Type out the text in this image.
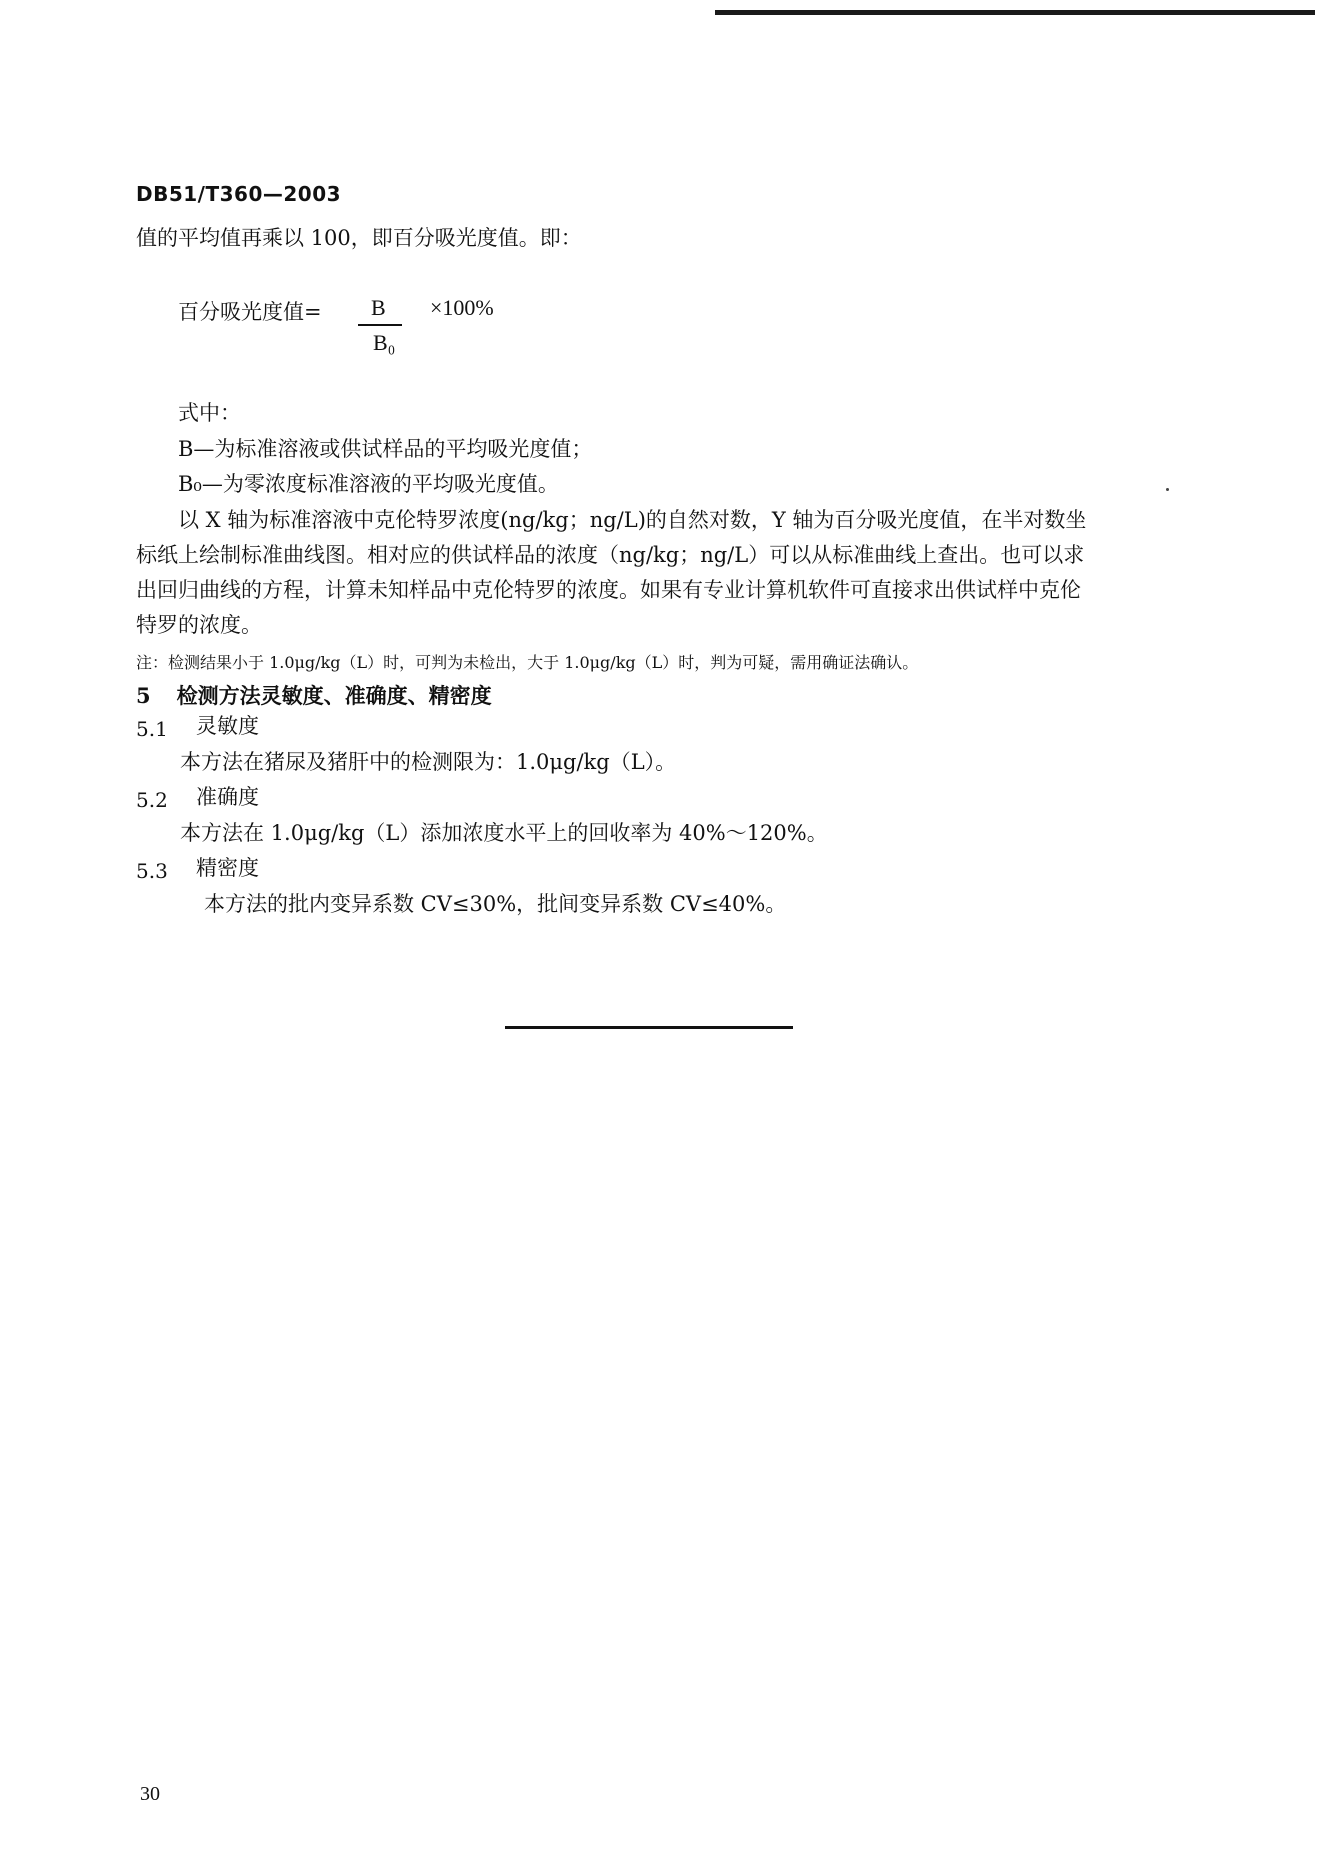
DB51/T360—2003
值的平均值再乘以 100，即百分吸光度值。即：
百分吸光度值= B
B₀
×100%
式中：
B—为标准溶液或供试样品的平均吸光度值；
B₀—为零浓度标准溶液的平均吸光度值。
以 X 轴为标准溶液中克伦特罗浓度(ng/kg；ng/L)的自然对数，Y 轴为百分吸光度值，在半对数坐
标纸上绘制标准曲线图。相对应的供试样品的浓度（ng/kg；ng/L）可以从标准曲线上查出。也可以求
出回归曲线的方程，计算未知样品中克伦特罗的浓度。如果有专业计算机软件可直接求出供试样中克伦
特罗的浓度。
注：检测结果小于 1.0μg/kg（L）时，可判为未检出，大于 1.0μg/kg（L）时，判为可疑，需用确证法确认。
5 检测方法灵敏度、准确度、精密度
5.1 灵敏度
本方法在猪尿及猪肝中的检测限为：1.0μg/kg（L）。
5.2 准确度
本方法在 1.0μg/kg（L）添加浓度水平上的回收率为 40%～120%。
5.3 精密度
本方法的批内变异系数 CV≤30%，批间变异系数 CV≤40%。
30
